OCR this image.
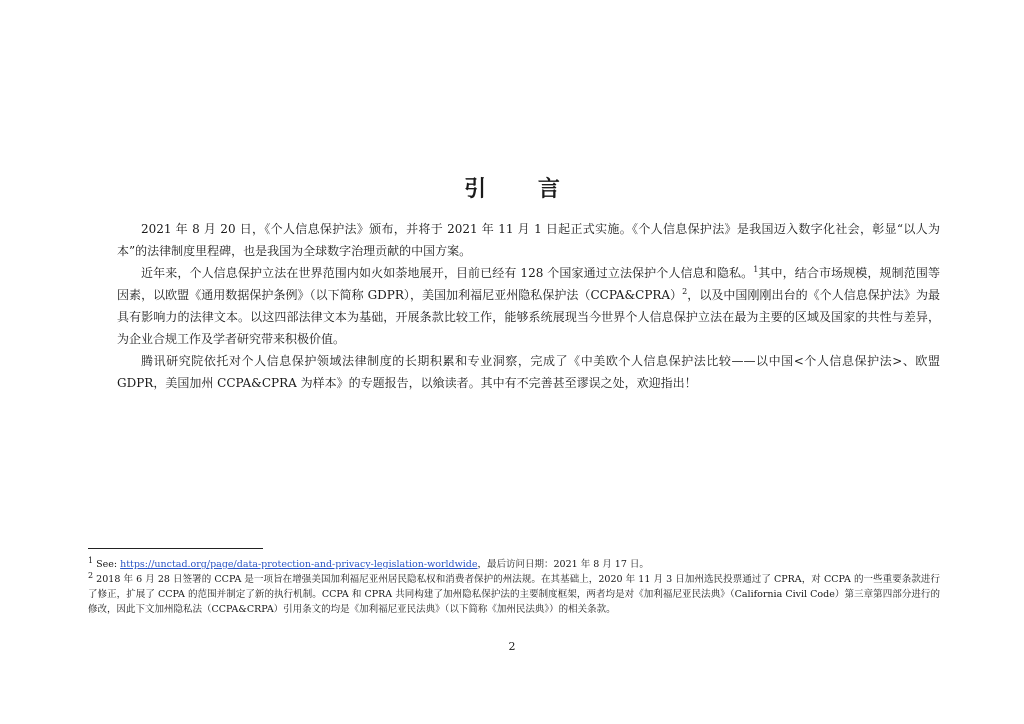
引 言

2021 年 8 月 20 日，《个人信息保护法》颁布，并将于 2021 年 11 月 1 日起正式实施。《个人信息保护法》是我国迈入数字化社会，彰显“以人为本”的法律制度里程碑，也是我国为全球数字治理贡献的中国方案。

近年来，个人信息保护立法在世界范围内如火如荼地展开，目前已经有 128 个国家通过立法保护个人信息和隐私。$^1$其中，结合市场规模，规制范围等因素，以欧盟《通用数据保护条例》（以下简称 GDPR），美国加利福尼亚州隐私保护法（CCPA&CPRA）$^2$，以及中国刚刚出台的《个人信息保护法》为最具有影响力的法律文本。以这四部法律文本为基础，开展条款比较工作，能够系统展现当今世界个人信息保护立法在最为主要的区域及国家的共性与差异，为企业合规工作及学者研究带来积极价值。

腾讯研究院依托对个人信息保护领域法律制度的长期积累和专业洞察，完成了《中美欧个人信息保护法比较——以中国<个人信息保护法>、欧盟 GDPR，美国加州 CCPA&CPRA 为样本》的专题报告，以飨读者。其中有不完善甚至谬误之处，欢迎指出！

$^1$ See: https://unctad.org/page/data-protection-and-privacy-legislation-worldwide，最后访问日期：2021 年 8 月 17 日。

$^2$ 2018 年 6 月 28 日签署的 CCPA 是一项旨在增强美国加利福尼亚州居民隐私权和消费者保护的州法规。在其基础上，2020 年 11 月 3 日加州选民投票通过了 CPRA，对 CCPA 的一些重要条款进行了修正，扩展了 CCPA 的范围并制定了新的执行机制。CCPA 和 CPRA 共同构建了加州隐私保护法的主要制度框架，两者均是对《加利福尼亚民法典》（California Civil Code）第三章第四部分进行的修改，因此下文加州隐私法（CCPA&CRPA）引用条文的均是《加利福尼亚民法典》（以下简称《加州民法典》）的相关条款。

2
